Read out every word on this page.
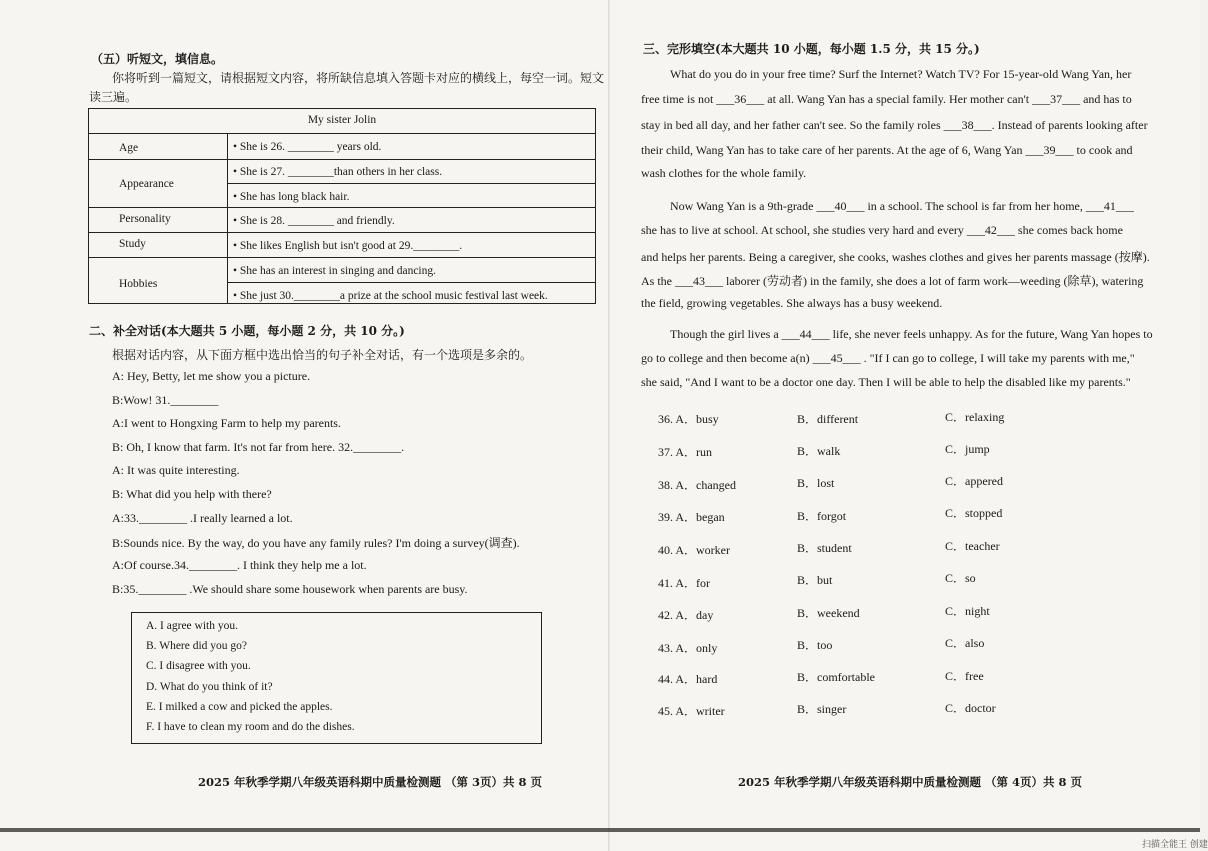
（五）听短文，填信息。
你将听到一篇短文，请根据短文内容，将所缺信息填入答题卡对应的横线上，每空一词。短文
读三遍。
My sister Jolin
Age	• She is 26. ________ years old.
Appearance
• She is 27. ________than others in her class.
• She has long black hair.
Personality	• She is 28. ________ and friendly.
Study	• She likes English but isn't good at 29.________.
Hobbies
• She has an interest in singing and dancing.
• She just 30.________a prize at the school music festival last week.
二、补全对话(本大题共 5 小题，每小题 2 分，共 10 分。)
根据对话内容，从下面方框中选出恰当的句子补全对话，有一个选项是多余的。
A: Hey, Betty, let me show you a picture.
B:Wow! 31.________
A:I went to Hongxing Farm to help my parents.
B: Oh, I know that farm. It's not far from here. 32.________.
A: It was quite interesting.
B: What did you help with there?
A:33.________ .I really learned a lot.
B:Sounds nice. By the way, do you have any family rules? I'm doing a survey(调查).
A:Of course.34.________. I think they help me a lot.
B:35.________ .We should share some housework when parents are busy.
A. I agree with you.
B. Where did you go?
C. I disagree with you.
D. What do you think of it?
E. I milked a cow and picked the apples.
F. I have to clean my room and do the dishes.
2025 年秋季学期八年级英语科期中质量检测题 （第 3页）共 8 页
三、完形填空(本大题共 10 小题，每小题 1.5 分，共 15 分。)
What do you do in your free time? Surf the Internet? Watch TV? For 15-year-old Wang Yan, her
free time is not ___36___ at all. Wang Yan has a special family. Her mother can't ___37___ and has to
stay in bed all day, and her father can't see. So the family roles ___38___. Instead of parents looking after
their child, Wang Yan has to take care of her parents. At the age of 6, Wang Yan ___39___ to cook and
wash clothes for the whole family.
Now Wang Yan is a 9th-grade ___40___ in a school. The school is far from her home, ___41___
she has to live at school. At school, she studies very hard and every ___42___ she comes back home
and helps her parents. Being a caregiver, she cooks, washes clothes and gives her parents massage (按摩).
As the ___43___ laborer (劳动者) in the family, she does a lot of farm work—weeding (除草), watering
the field, growing vegetables. She always has a busy weekend.
Though the girl lives a ___44___ life, she never feels unhappy. As for the future, Wang Yan hopes to
go to college and then become a(n) ___45___ . "If I can go to college, I will take my parents with me,"
she said, "And I want to be a doctor one day. Then I will be able to help the disabled like my parents."
36. A．busy	B．different	C．relaxing
37. A．run	B．walk	C．jump
38. A．changed	B．lost	C．appered
39. A．began	B．forgot	C．stopped
40. A．worker	B．student	C．teacher
41. A．for	B．but	C．so
42. A．day	B．weekend	C．night
43. A．only	B．too	C．also
44. A．hard	B．comfortable	C．free
45. A．writer	B．singer	C．doctor
2025 年秋季学期八年级英语科期中质量检测题 （第 4页）共 8 页
扫描全能王 创建
